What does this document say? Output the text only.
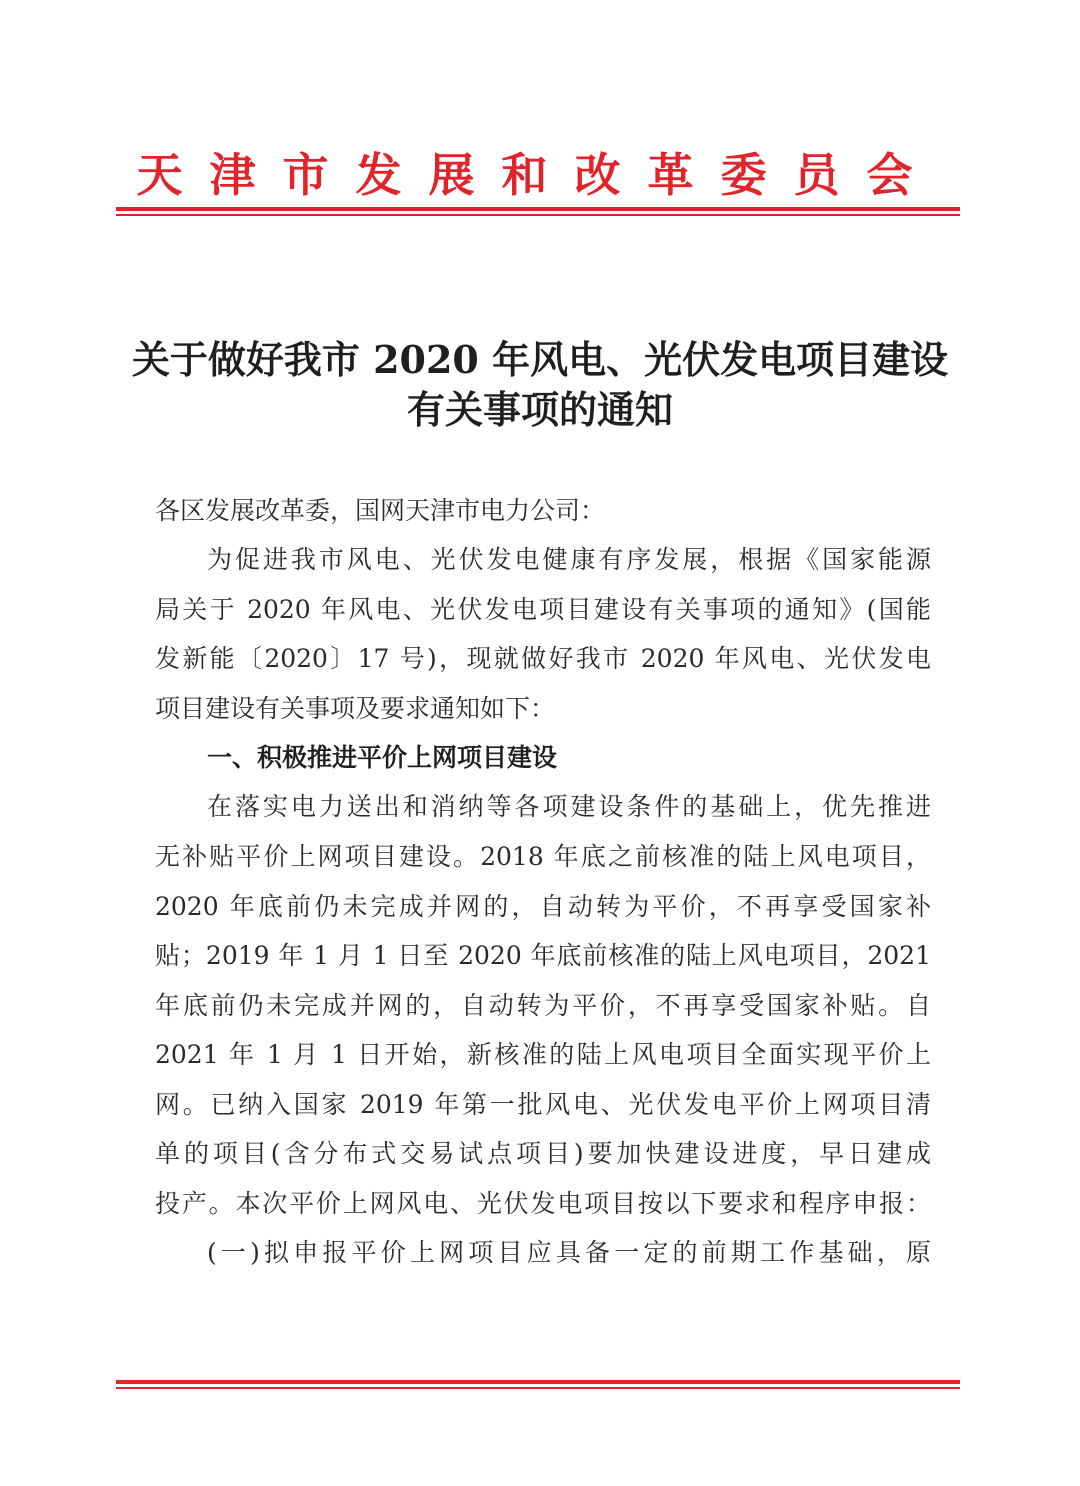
天津市发展和改革委员会
关于做好我市 2020 年风电、光伏发电项目建设
有关事项的通知
各区发展改革委，国网天津市电力公司：
为促进我市风电、光伏发电健康有序发展，根据《国家能源
局关于 2020 年风电、光伏发电项目建设有关事项的通知》(国能
发新能〔2020〕17 号)，现就做好我市 2020 年风电、光伏发电
项目建设有关事项及要求通知如下：
一、积极推进平价上网项目建设
在落实电力送出和消纳等各项建设条件的基础上，优先推进
无补贴平价上网项目建设。2018 年底之前核准的陆上风电项目，
2020 年底前仍未完成并网的，自动转为平价，不再享受国家补
贴；2019 年 1 月 1 日至 2020 年底前核准的陆上风电项目，2021
年底前仍未完成并网的，自动转为平价，不再享受国家补贴。自
2021 年 1 月 1 日开始，新核准的陆上风电项目全面实现平价上
网。已纳入国家 2019 年第一批风电、光伏发电平价上网项目清
单的项目(含分布式交易试点项目)要加快建设进度，早日建成
投产。本次平价上网风电、光伏发电项目按以下要求和程序申报：
(一)拟申报平价上网项目应具备一定的前期工作基础，原
